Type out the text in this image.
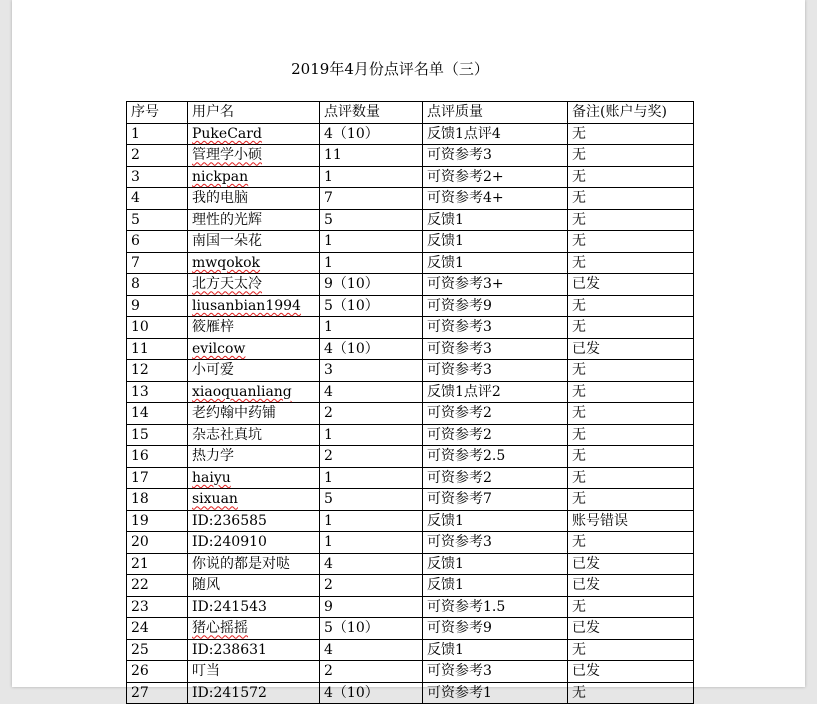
2019年4月份点评名单（三）
序号	用户名	点评数量	点评质量	备注(账户与奖)
1	PukeCard	4（10）	反馈1点评4	无
2	管理学小硕	11	可资参考3	无
3	nickpan	1	可资参考2+	无
4	我的电脑	7	可资参考4+	无
5	理性的光辉	5	反馈1	无
6	南国一朵花	1	反馈1	无
7	mwqokok	1	反馈1	无
8	北方天太冷	9（10）	可资参考3+	已发
9	liusanbian1994	5（10）	可资参考9	无
10	筱雁梓	1	可资参考3	无
11	evilcow	4（10）	可资参考3	已发
12	小可爱	3	可资参考3	无
13	xiaoquanliang	4	反馈1点评2	无
14	老约翰中药铺	2	可资参考2	无
15	杂志社真坑	1	可资参考2	无
16	热力学	2	可资参考2.5	无
17	haiyu	1	可资参考2	无
18	sixuan	5	可资参考7	无
19	ID:236585	1	反馈1	账号错误
20	ID:240910	1	可资参考3	无
21	你说的都是对哒	4	反馈1	已发
22	随风	2	反馈1	已发
23	ID:241543	9	可资参考1.5	无
24	猪心摇摇	5（10）	可资参考9	已发
25	ID:238631	4	反馈1	无
26	叮当	2	可资参考3	已发
27	ID:241572	4（10）	可资参考1	无
